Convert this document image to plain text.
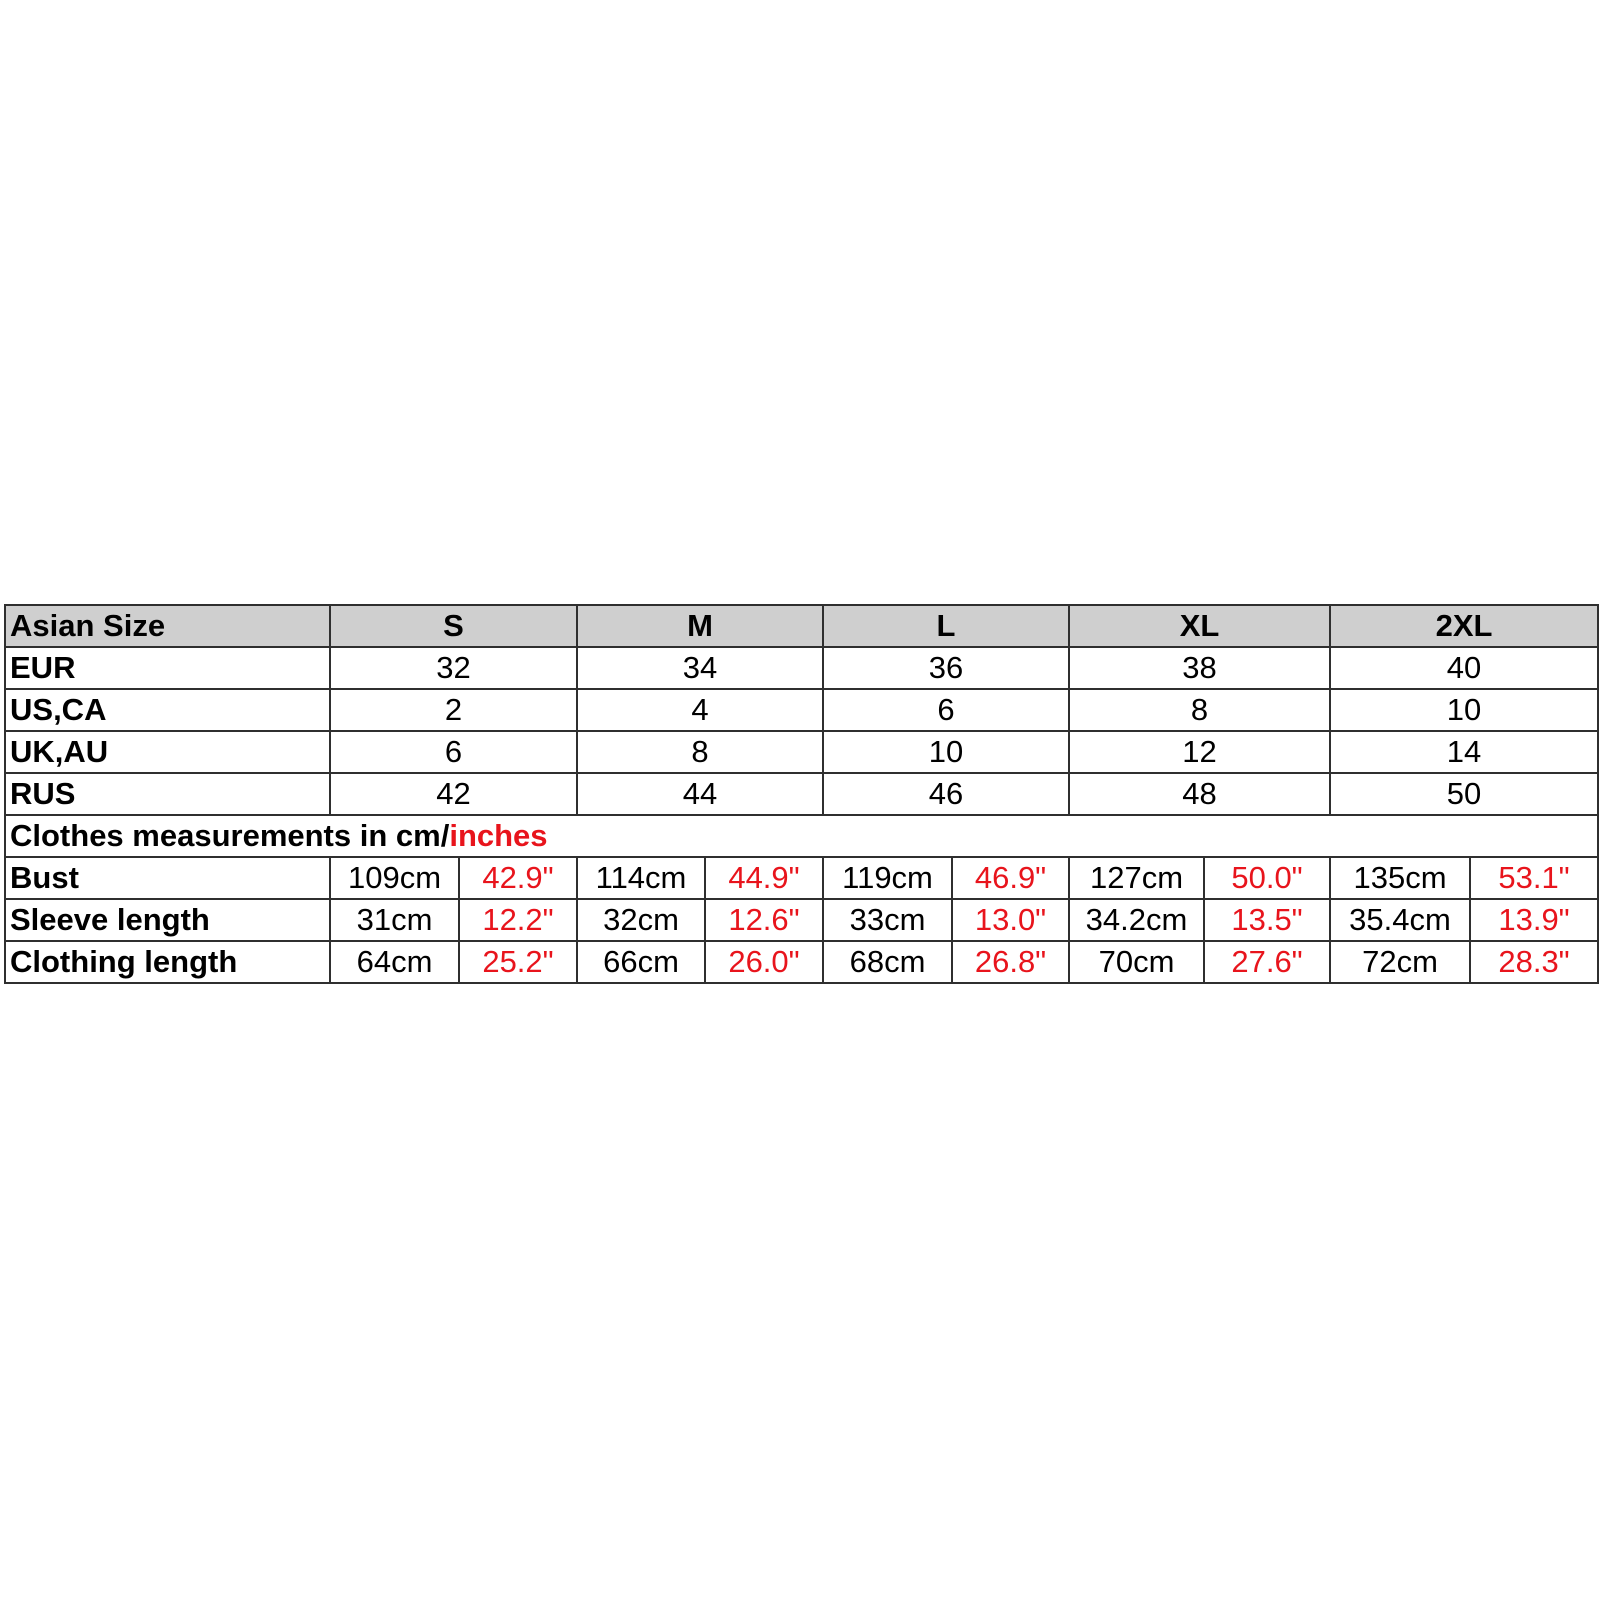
Asian Size	S		M		L		XL		2XL	
EUR	32		34		36		38		40	
US,CA	2		4		6		8		10	
UK,AU	6		8		10		12		14	
RUS	42		44		46		48		50	
Clothes measurements in cm/inches										
Bust	109cm	42.9"	114cm	44.9"	119cm	46.9"	127cm	50.0"	135cm	53.1"
Sleeve length	31cm	12.2"	32cm	12.6"	33cm	13.0"	34.2cm	13.5"	35.4cm	13.9"
Clothing length	64cm	25.2"	66cm	26.0"	68cm	26.8"	70cm	27.6"	72cm	28.3"
